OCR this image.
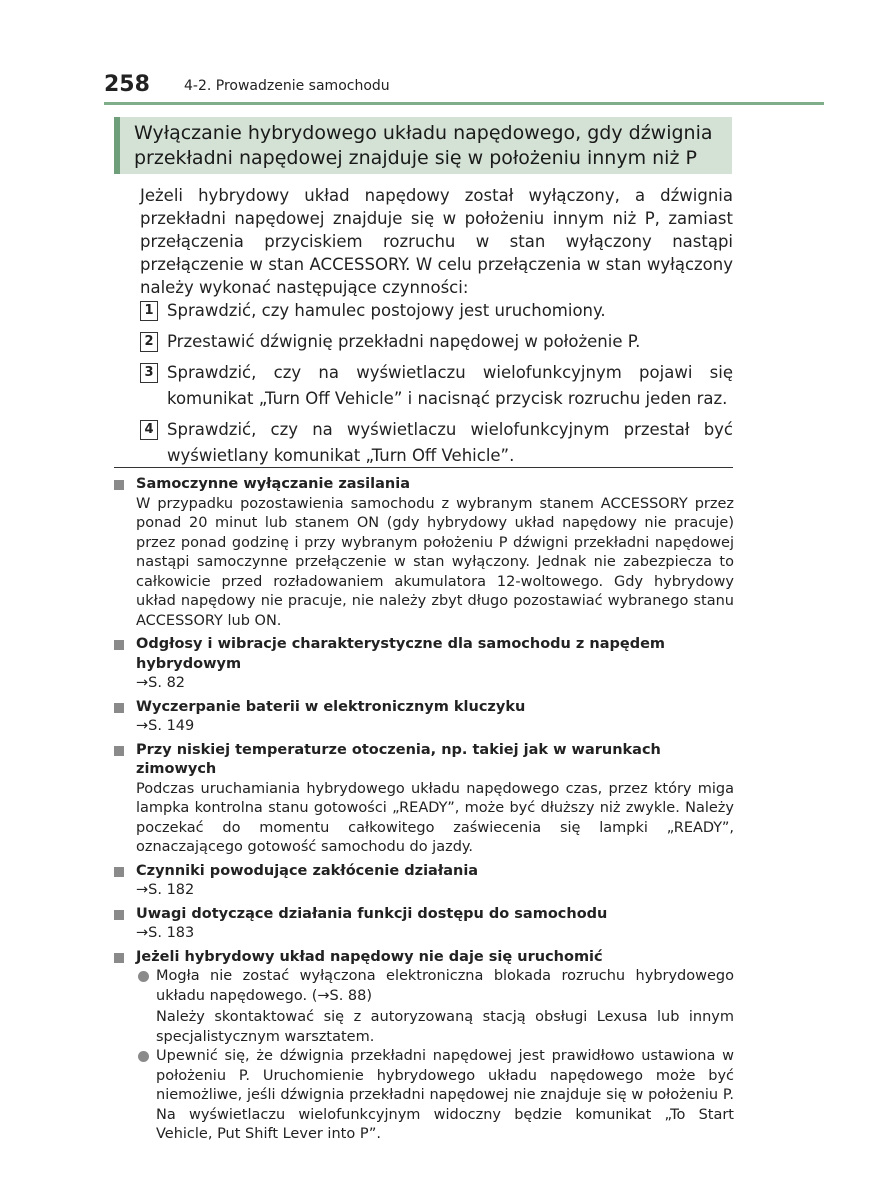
258 4-2. Prowadzenie samochodu
Wyłączanie hybrydowego układu napędowego, gdy dźwignia przekładni napędowej znajduje się w położeniu innym niż P
Jeżeli hybrydowy układ napędowy został wyłączony, a dźwignia przekładni napędowej znajduje się w położeniu innym niż P, zamiast przełączenia przyciskiem rozruchu w stan wyłączony nastąpi przełączenie w stan ACCESSORY. W celu przełączenia w stan wyłączony należy wykonać następujące czynności:
1 Sprawdzić, czy hamulec postojowy jest uruchomiony.
2 Przestawić dźwignię przekładni napędowej w położenie P.
3 Sprawdzić, czy na wyświetlaczu wielofunkcyjnym pojawi się komunikat „Turn Off Vehicle” i nacisnąć przycisk rozruchu jeden raz.
4 Sprawdzić, czy na wyświetlaczu wielofunkcyjnym przestał być wyświetlany komunikat „Turn Off Vehicle”.
Samoczynne wyłączanie zasilania
W przypadku pozostawienia samochodu z wybranym stanem ACCESSORY przez ponad 20 minut lub stanem ON (gdy hybrydowy układ napędowy nie pracuje) przez ponad godzinę i przy wybranym położeniu P dźwigni przekładni napędowej nastąpi samoczynne przełączenie w stan wyłączony. Jednak nie zabezpiecza to całkowicie przed rozładowaniem akumulatora 12-woltowego. Gdy hybrydowy układ napędowy nie pracuje, nie należy zbyt długo pozostawiać wybranego stanu ACCESSORY lub ON.
Odgłosy i wibracje charakterystyczne dla samochodu z napędem hybrydowym
→S. 82
Wyczerpanie baterii w elektronicznym kluczyku
→S. 149
Przy niskiej temperaturze otoczenia, np. takiej jak w warunkach zimowych
Podczas uruchamiania hybrydowego układu napędowego czas, przez który miga lampka kontrolna stanu gotowości „READY”, może być dłuższy niż zwykle. Należy poczekać do momentu całkowitego zaświecenia się lampki „READY”, oznaczającego gotowość samochodu do jazdy.
Czynniki powodujące zakłócenie działania
→S. 182
Uwagi dotyczące działania funkcji dostępu do samochodu
→S. 183
Jeżeli hybrydowy układ napędowy nie daje się uruchomić
Mogła nie zostać wyłączona elektroniczna blokada rozruchu hybrydowego układu napędowego. (→S. 88)
Należy skontaktować się z autoryzowaną stacją obsługi Lexusa lub innym specjalistycznym warsztatem.
Upewnić się, że dźwignia przekładni napędowej jest prawidłowo ustawiona w położeniu P. Uruchomienie hybrydowego układu napędowego może być niemożliwe, jeśli dźwignia przekładni napędowej nie znajduje się w położeniu P. Na wyświetlaczu wielofunkcyjnym widoczny będzie komunikat „To Start Vehicle, Put Shift Lever into P”.
